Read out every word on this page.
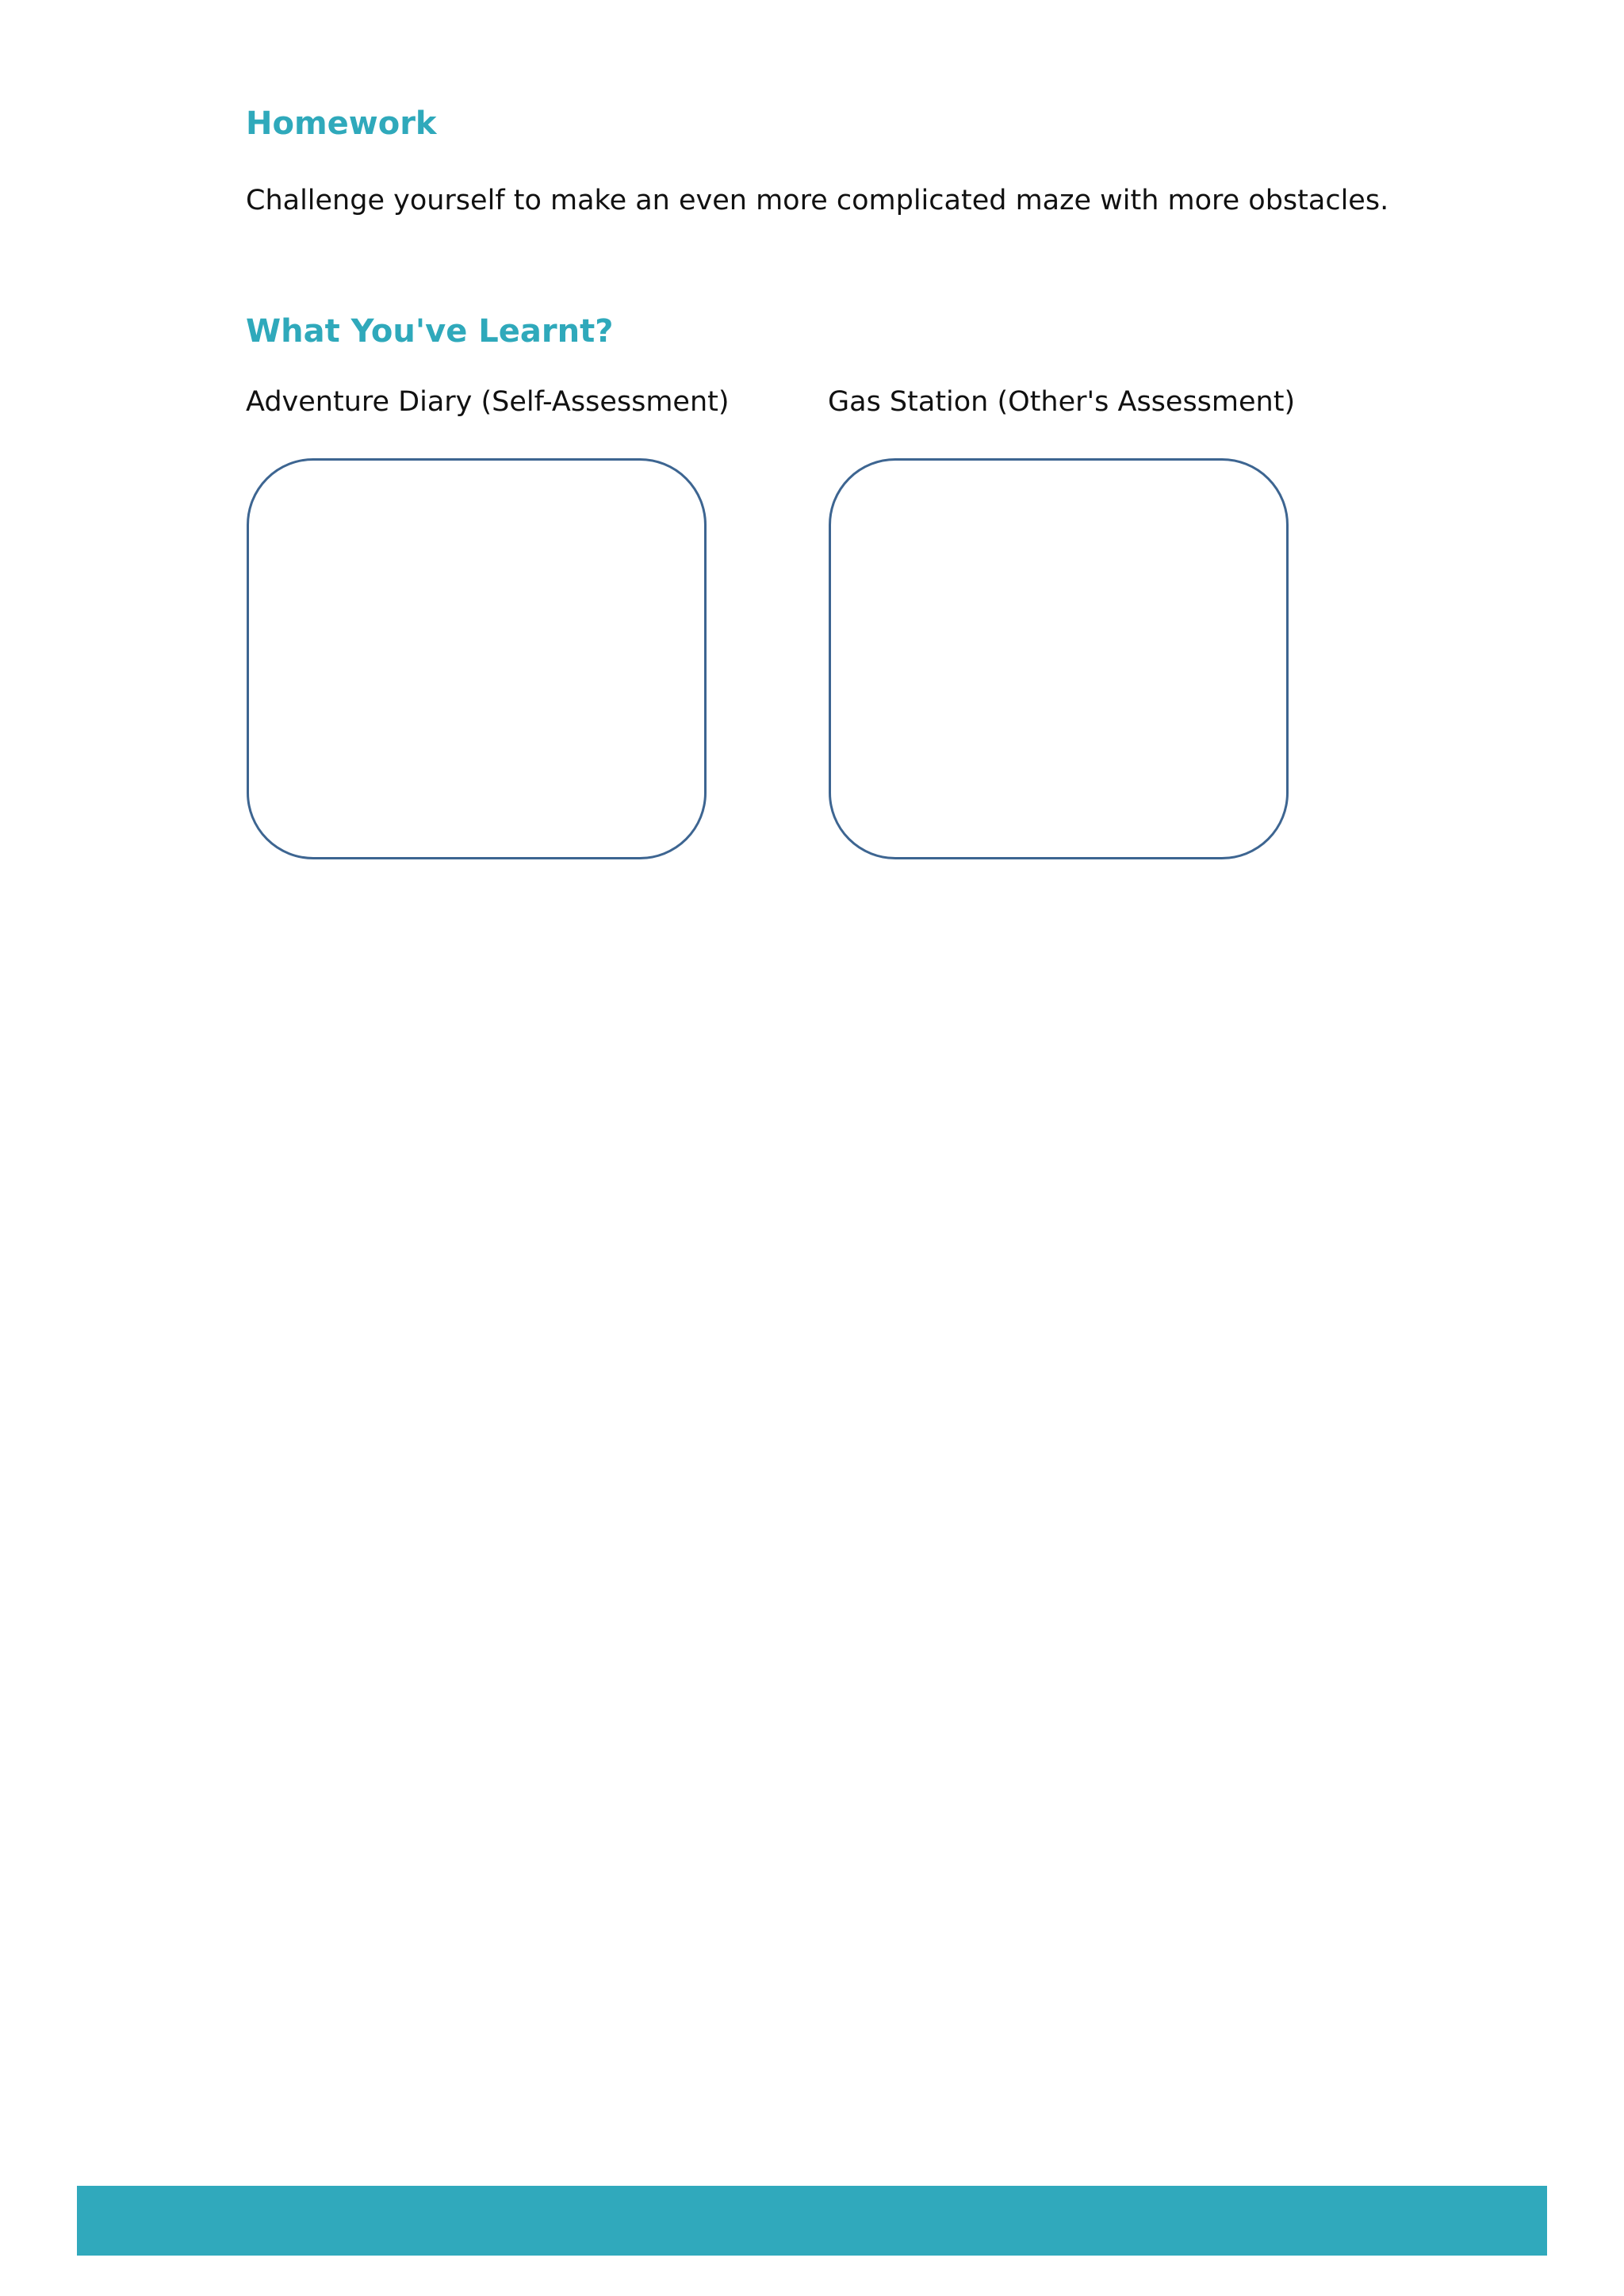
Homework

Challenge yourself to make an even more complicated maze with more obstacles.

What You've Learnt?

Adventure Diary (Self-Assessment)	Gas Station (Other's Assessment)
